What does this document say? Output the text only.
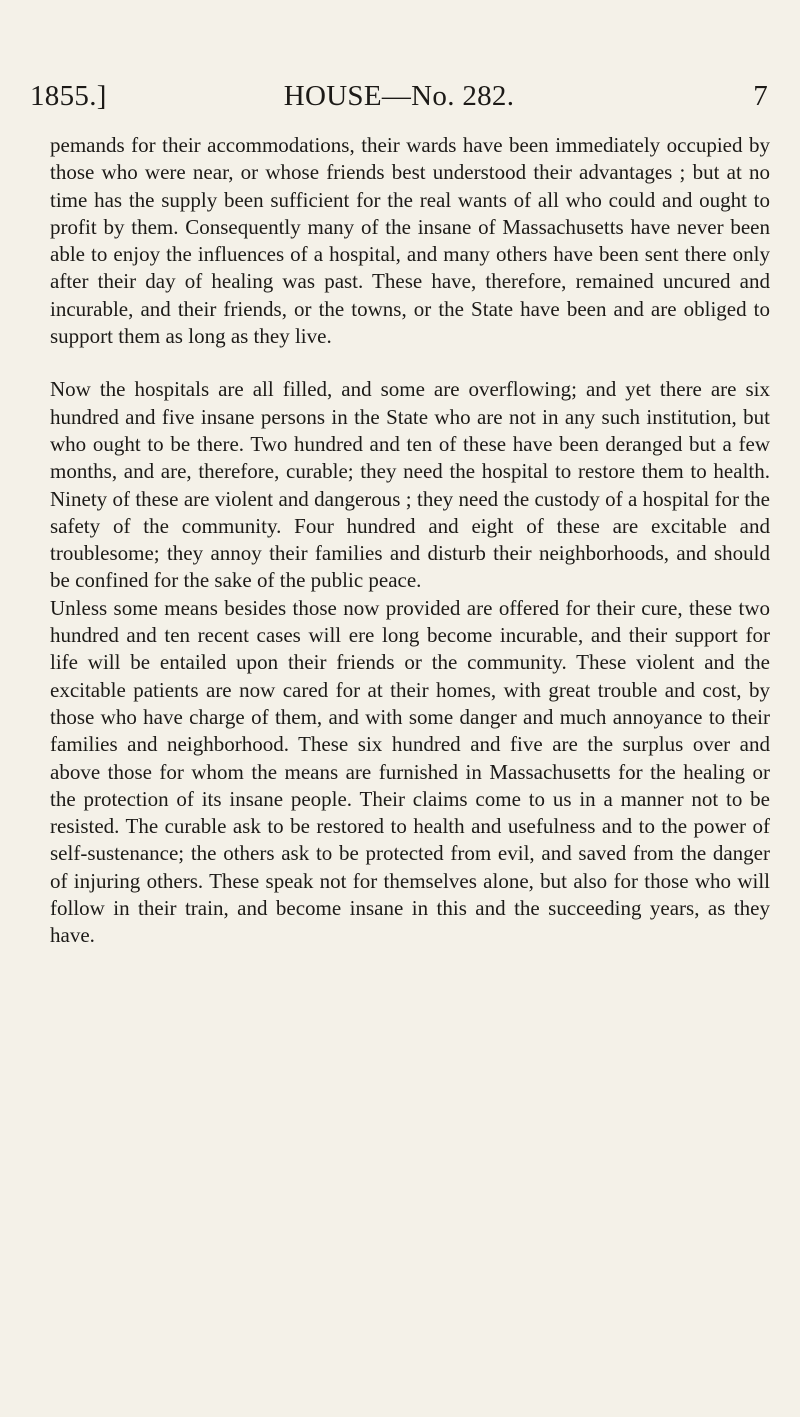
1855.]	HOUSE—No. 282.	7

pemands for their accommodations, their wards have been immediately occupied by those who were near, or whose friends best understood their advantages ; but at no time has the supply been sufficient for the real wants of all who could and ought to profit by them. Consequently many of the insane of Massachusetts have never been able to enjoy the influences of a hospital, and many others have been sent there only after their day of healing was past. These have, therefore, remained uncured and incurable, and their friends, or the towns, or the State have been and are obliged to support them as long as they live.

Now the hospitals are all filled, and some are overflowing; and yet there are six hundred and five insane persons in the State who are not in any such institution, but who ought to be there. Two hundred and ten of these have been deranged but a few months, and are, therefore, curable; they need the hospital to restore them to health. Ninety of these are violent and dangerous ; they need the custody of a hospital for the safety of the community. Four hundred and eight of these are excitable and troublesome; they annoy their families and disturb their neighborhoods, and should be confined for the sake of the public peace.

Unless some means besides those now provided are offered for their cure, these two hundred and ten recent cases will ere long become incurable, and their support for life will be entailed upon their friends or the community. These violent and the excitable patients are now cared for at their homes, with great trouble and cost, by those who have charge of them, and with some danger and much annoyance to their families and neighborhood. These six hundred and five are the surplus over and above those for whom the means are furnished in Massachusetts for the healing or the protection of its insane people. Their claims come to us in a manner not to be resisted. The curable ask to be restored to health and usefulness and to the power of self-sustenance; the others ask to be protected from evil, and saved from the danger of injuring others. These speak not for themselves alone, but also for those who will follow in their train, and become insane in this and the succeeding years, as they have.
